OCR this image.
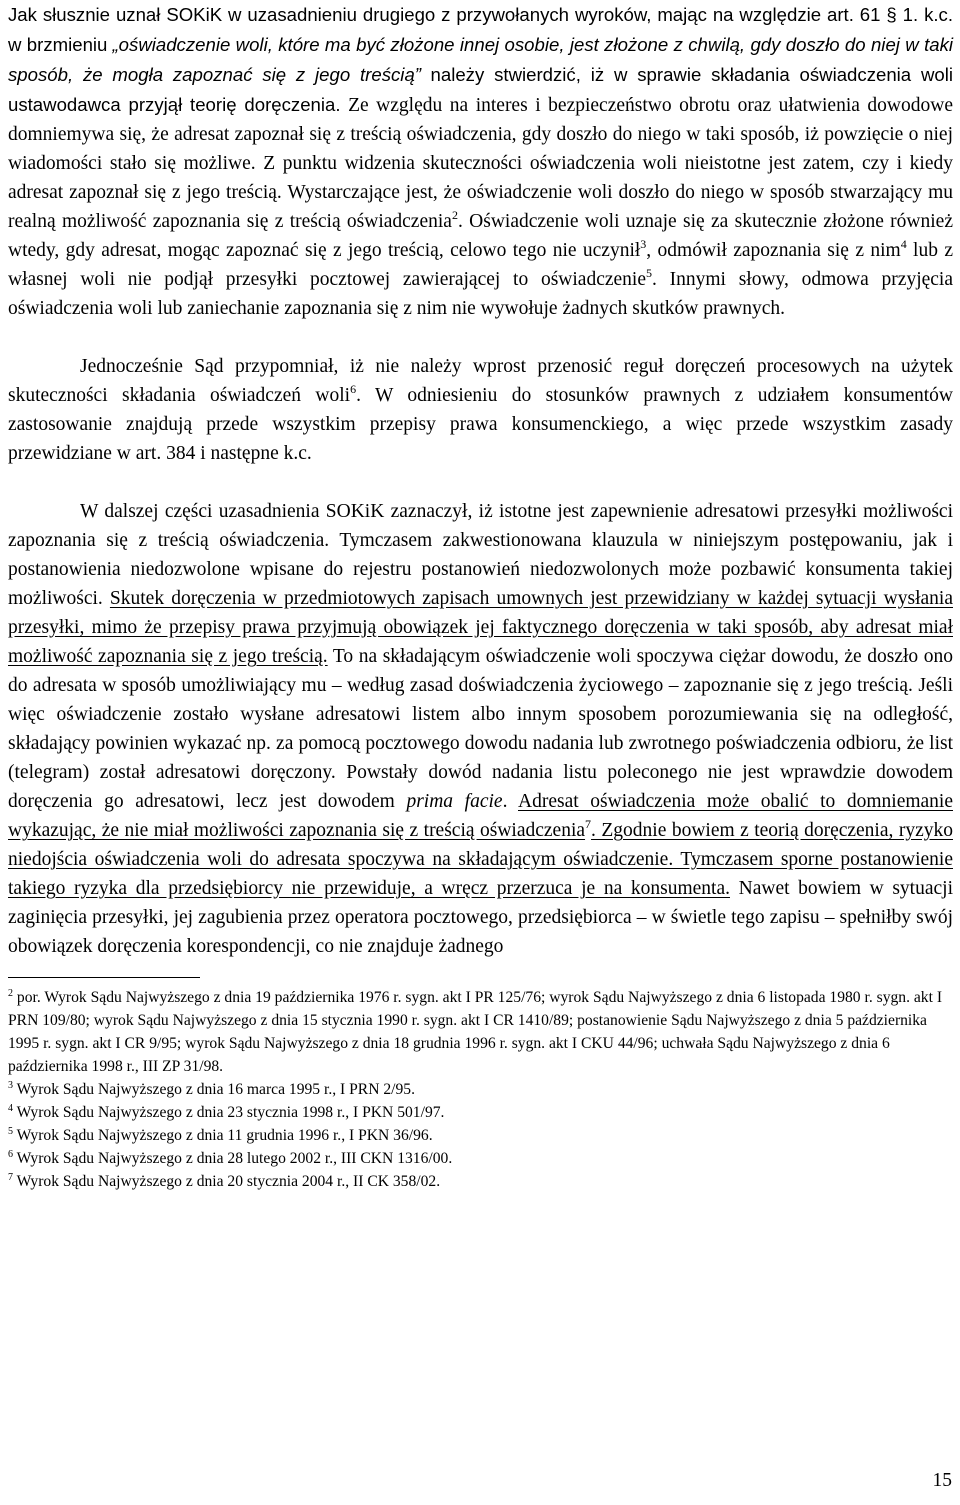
Jak słusznie uznał SOKiK w uzasadnieniu drugiego z przywołanych wyroków, mając na względzie art. 61 § 1. k.c. w brzmieniu „oświadczenie woli, które ma być złożone innej osobie, jest złożone z chwilą, gdy doszło do niej w taki sposób, że mogła zapoznać się z jego treścią” należy stwierdzić, iż w sprawie składania oświadczenia woli ustawodawca przyjął teorię doręczenia. Ze względu na interes i bezpieczeństwo obrotu oraz ułatwienia dowodowe domniemywa się, że adresat zapoznał się z treścią oświadczenia, gdy doszło do niego w taki sposób, iż powzięcie o niej wiadomości stało się możliwe. Z punktu widzenia skuteczności oświadczenia woli nieistotne jest zatem, czy i kiedy adresat zapoznał się z jego treścią. Wystarczające jest, że oświadczenie woli doszło do niego w sposób stwarzający mu realną możliwość zapoznania się z treścią oświadczenia$^2$. Oświadczenie woli uznaje się za skutecznie złożone również wtedy, gdy adresat, mogąc zapoznać się z jego treścią, celowo tego nie uczynił$^3$, odmówił zapoznania się z nim$^4$ lub z własnej woli nie podjął przesyłki pocztowej zawierającej to oświadczenie$^5$. Innymi słowy, odmowa przyjęcia oświadczenia woli lub zaniechanie zapoznania się z nim nie wywołuje żadnych skutków prawnych.

Jednocześnie Sąd przypomniał, iż nie należy wprost przenosić reguł doręczeń procesowych na użytek skuteczności składania oświadczeń woli$^6$. W odniesieniu do stosunków prawnych z udziałem konsumentów zastosowanie znajdują przede wszystkim przepisy prawa konsumenckiego, a więc przede wszystkim zasady przewidziane w art. 384 i następne k.c.

W dalszej części uzasadnienia SOKiK zaznaczył, iż istotne jest zapewnienie adresatowi przesyłki możliwości zapoznania się z treścią oświadczenia. Tymczasem zakwestionowana klauzula w niniejszym postępowaniu, jak i postanowienia niedozwolone wpisane do rejestru postanowień niedozwolonych może pozbawić konsumenta takiej możliwości. Skutek doręczenia w przedmiotowych zapisach umownych jest przewidziany w każdej sytuacji wysłania przesyłki, mimo że przepisy prawa przyjmują obowiązek jej faktycznego doręczenia w taki sposób, aby adresat miał możliwość zapoznania się z jego treścią. To na składającym oświadczenie woli spoczywa ciężar dowodu, że doszło ono do adresata w sposób umożliwiający mu – według zasad doświadczenia życiowego – zapoznanie się z jego treścią. Jeśli więc oświadczenie zostało wysłane adresatowi listem albo innym sposobem porozumiewania się na odległość, składający powinien wykazać np. za pomocą pocztowego dowodu nadania lub zwrotnego poświadczenia odbioru, że list (telegram) został adresatowi doręczony. Powstały dowód nadania listu poleconego nie jest wprawdzie dowodem doręczenia go adresatowi, lecz jest dowodem prima facie. Adresat oświadczenia może obalić to domniemanie wykazując, że nie miał możliwości zapoznania się z treścią oświadczenia$^7$. Zgodnie bowiem z teorią doręczenia, ryzyko niedojścia oświadczenia woli do adresata spoczywa na składającym oświadczenie. Tymczasem sporne postanowienie takiego ryzyka dla przedsiębiorcy nie przewiduje, a wręcz przerzuca je na konsumenta. Nawet bowiem w sytuacji zaginięcia przesyłki, jej zagubienia przez operatora pocztowego, przedsiębiorca – w świetle tego zapisu – spełniłby swój obowiązek doręczenia korespondencji, co nie znajduje żadnego

$^2$ por. Wyrok Sądu Najwyższego z dnia 19 października 1976 r. sygn. akt I PR 125/76; wyrok Sądu Najwyższego z dnia 6 listopada 1980 r. sygn. akt I PRN 109/80; wyrok Sądu Najwyższego z dnia 15 stycznia 1990 r. sygn. akt I CR 1410/89; postanowienie Sądu Najwyższego z dnia 5 października 1995 r. sygn. akt I CR 9/95; wyrok Sądu Najwyższego z dnia 18 grudnia 1996 r. sygn. akt I CKU 44/96; uchwała Sądu Najwyższego z dnia 6 października 1998 r., III ZP 31/98.

$^3$ Wyrok Sądu Najwyższego z dnia 16 marca 1995 r., I PRN 2/95.

$^4$ Wyrok Sądu Najwyższego z dnia 23 stycznia 1998 r., I PKN 501/97.

$^5$ Wyrok Sądu Najwyższego z dnia 11 grudnia 1996 r., I PKN 36/96.

$^6$ Wyrok Sądu Najwyższego z dnia 28 lutego 2002 r., III CKN 1316/00.

$^7$ Wyrok Sądu Najwyższego z dnia 20 stycznia 2004 r., II CK 358/02.

15
